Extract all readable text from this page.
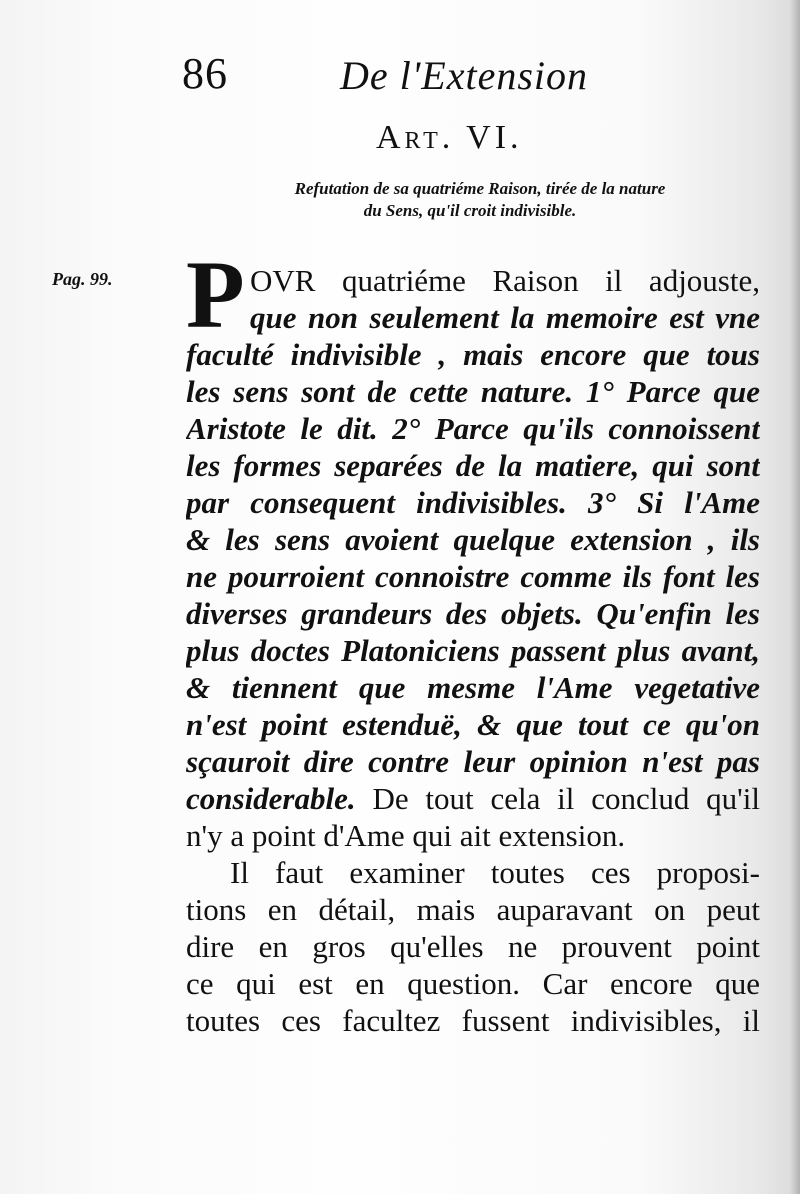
86	De l'Extension
Art. VI.
Refutation de sa quatriéme Raison, tirée de la nature
du Sens, qu'il croit indivisible.
Pag. 99. P OVR quatriéme Raison il adjouste,
que non seulement la memoire est vne
faculté indivisible , mais encore que tous
les sens sont de cette nature. 1° Parce que
Aristote le dit. 2° Parce qu'ils connoissent
les formes separées de la matiere, qui sont
par consequent indivisibles. 3° Si l'Ame
& les sens avoient quelque extension , ils
ne pourroient connoistre comme ils font les
diverses grandeurs des objets. Qu'enfin les
plus doctes Platoniciens passent plus avant,
& tiennent que mesme l'Ame vegetative
n'est point estenduë, & que tout ce qu'on
sçauroit dire contre leur opinion n'est pas
considerable. De tout cela il conclud qu'il
n'y a point d'Ame qui ait extension.
Il faut examiner toutes ces proposi-
tions en détail, mais auparavant on peut
dire en gros qu'elles ne prouvent point
ce qui est en question. Car encore que
toutes ces facultez fussent indivisibles, il
